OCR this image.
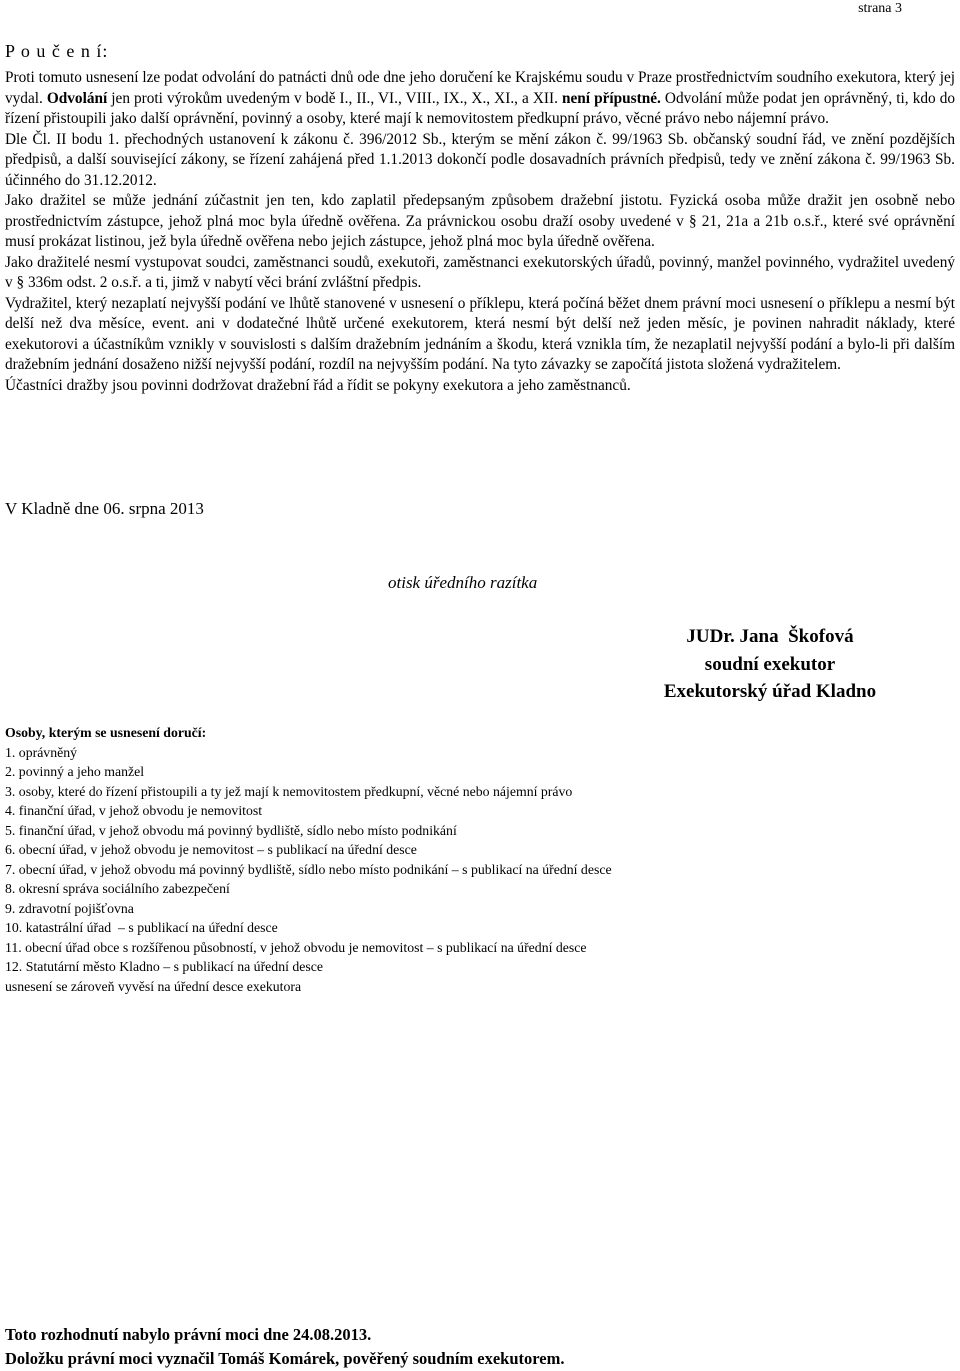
strana 3
P o u č e n í:

Proti tomuto usnesení lze podat odvolání do patnácti dnů ode dne jeho doručení ke Krajskému soudu v Praze prostřednictvím soudního exekutora, který jej vydal. Odvolání jen proti výrokům uvedeným v bodě I., II., VI., VIII., IX., X., XI., a XII. není přípustné. Odvolání může podat jen oprávněný, ti, kdo do řízení přistoupili jako další oprávnění, povinný a osoby, které mají k nemovitostem předkupní právo, věcné právo nebo nájemní právo.

Dle Čl. II bodu 1. přechodných ustanovení k zákonu č. 396/2012 Sb., kterým se mění zákon č. 99/1963 Sb. občanský soudní řád, ve znění pozdějších předpisů, a další související zákony, se řízení zahájená před 1.1.2013 dokončí podle dosavadních právních předpisů, tedy ve znění zákona č. 99/1963 Sb. účinného do 31.12.2012.

Jako dražitel se může jednání zúčastnit jen ten, kdo zaplatil předepsaným způsobem dražební jistotu. Fyzická osoba může dražit jen osobně nebo prostřednictvím zástupce, jehož plná moc byla úředně ověřena. Za právnickou osobu draží osoby uvedené v § 21, 21a a 21b o.s.ř., které své oprávnění musí prokázat listinou, jež byla úředně ověřena nebo jejich zástupce, jehož plná moc byla úředně ověřena.

Jako dražitelé nesmí vystupovat soudci, zaměstnanci soudů, exekutoři, zaměstnanci exekutorských úřadů, povinný, manžel povinného, vydražitel uvedený v § 336m odst. 2 o.s.ř. a ti, jimž v nabytí věci brání zvláštní předpis.

Vydražitel, který nezaplatí nejvyšší podání ve lhůtě stanovené v usnesení o příklepu, která počíná běžet dnem právní moci usnesení o příklepu a nesmí být delší než dva měsíce, event. ani v dodatečné lhůtě určené exekutorem, která nesmí být delší než jeden měsíc, je povinen nahradit náklady, které exekutorovi a účastníkům vznikly v souvislosti s dalším dražebním jednáním a škodu, která vznikla tím, že nezaplatil nejvyšší podání a bylo-li při dalším dražebním jednání dosaženo nižší nejvyšší podání, rozdíl na nejvyšším podání. Na tyto závazky se započítá jistota složená vydražitelem.

Účastníci dražby jsou povinni dodržovat dražební řád a řídit se pokyny exekutora a jeho zaměstnanců.

V Kladně dne 06. srpna 2013
otisk úředního razítka
JUDr. Jana  Škofová
soudní exekutor
Exekutorský úřad Kladno
Osoby, kterým se usnesení doručí:
1. oprávněný
2. povinný a jeho manžel
3. osoby, které do řízení přistoupili a ty jež mají k nemovitostem předkupní, věcné nebo nájemní právo
4. finanční úřad, v jehož obvodu je nemovitost
5. finanční úřad, v jehož obvodu má povinný bydliště, sídlo nebo místo podnikání
6. obecní úřad, v jehož obvodu je nemovitost – s publikací na úřední desce
7. obecní úřad, v jehož obvodu má povinný bydliště, sídlo nebo místo podnikání – s publikací na úřední desce
8. okresní správa sociálního zabezpečení
9. zdravotní pojišťovna
10. katastrální úřad  – s publikací na úřední desce
11. obecní úřad obce s rozšířenou působností, v jehož obvodu je nemovitost – s publikací na úřední desce
12. Statutární město Kladno – s publikací na úřední desce
usnesení se zároveň vyvěsí na úřední desce exekutora
Toto rozhodnutí nabylo právní moci dne 24.08.2013.
Doložku právní moci vyznačil Tomáš Komárek, pověřený soudním exekutorem.
